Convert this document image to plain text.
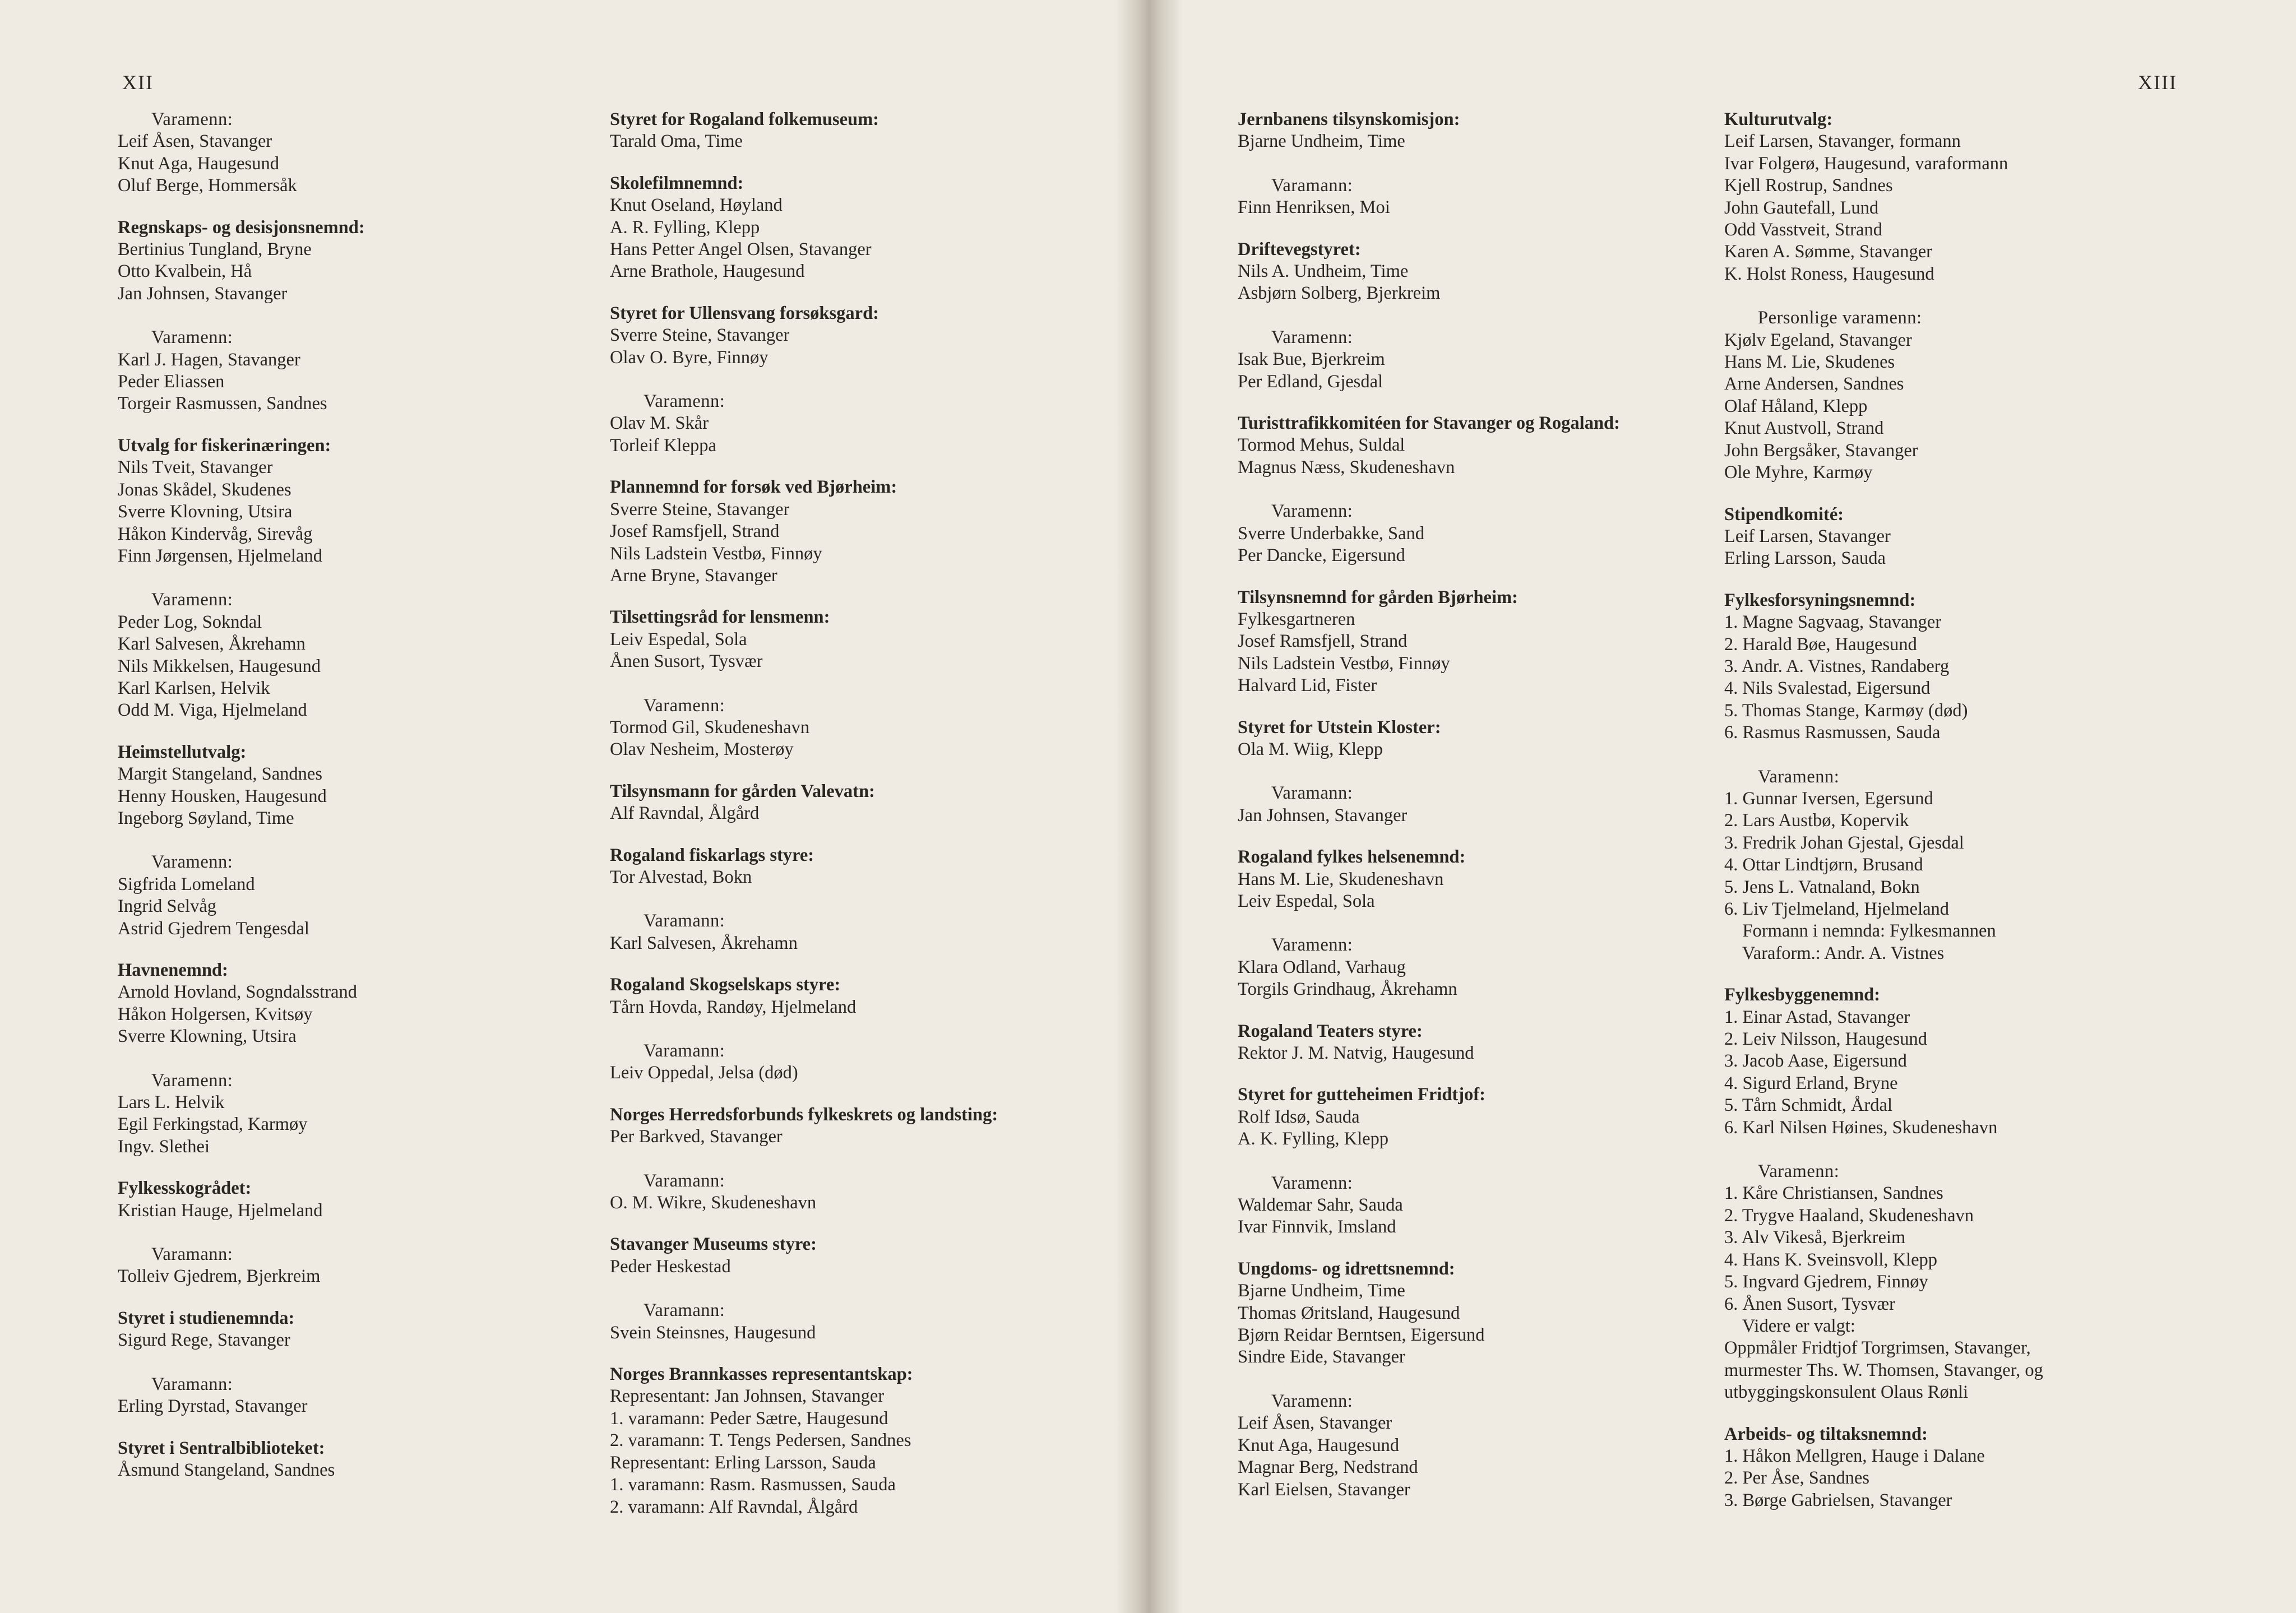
XII	XIII
Varamenn:
Leif Åsen, Stavanger
Knut Aga, Haugesund
Oluf Berge, Hommersåk
Regnskaps- og desisjonsnemnd:
Bertinius Tungland, Bryne
Otto Kvalbein, Hå
Jan Johnsen, Stavanger
Varamenn:
Karl J. Hagen, Stavanger
Peder Eliassen
Torgeir Rasmussen, Sandnes
Utvalg for fiskerinæringen:
Nils Tveit, Stavanger
Jonas Skådel, Skudenes
Sverre Klovning, Utsira
Håkon Kindervåg, Sirevåg
Finn Jørgensen, Hjelmeland
Varamenn:
Peder Log, Sokndal
Karl Salvesen, Åkrehamn
Nils Mikkelsen, Haugesund
Karl Karlsen, Helvik
Odd M. Viga, Hjelmeland
Heimstellutvalg:
Margit Stangeland, Sandnes
Henny Housken, Haugesund
Ingeborg Søyland, Time
Varamenn:
Sigfrida Lomeland
Ingrid Selvåg
Astrid Gjedrem Tengesdal
Havnenemnd:
Arnold Hovland, Sogndalsstrand
Håkon Holgersen, Kvitsøy
Sverre Klowning, Utsira
Varamenn:
Lars L. Helvik
Egil Ferkingstad, Karmøy
Ingv. Slethei
Fylkesskogrådet:
Kristian Hauge, Hjelmeland
Varamann:
Tolleiv Gjedrem, Bjerkreim
Styret i studienemnda:
Sigurd Rege, Stavanger
Varamann:
Erling Dyrstad, Stavanger
Styret i Sentralbiblioteket:
Åsmund Stangeland, Sandnes
Styret for Rogaland folkemuseum:
Tarald Oma, Time
Skolefilmnemnd:
Knut Oseland, Høyland
A. R. Fylling, Klepp
Hans Petter Angel Olsen, Stavanger
Arne Brathole, Haugesund
Styret for Ullensvang forsøksgard:
Sverre Steine, Stavanger
Olav O. Byre, Finnøy
Varamenn:
Olav M. Skår
Torleif Kleppa
Plannemnd for forsøk ved Bjørheim:
Sverre Steine, Stavanger
Josef Ramsfjell, Strand
Nils Ladstein Vestbø, Finnøy
Arne Bryne, Stavanger
Tilsettingsråd for lensmenn:
Leiv Espedal, Sola
Ånen Susort, Tysvær
Varamenn:
Tormod Gil, Skudeneshavn
Olav Nesheim, Mosterøy
Tilsynsmann for gården Valevatn:
Alf Ravndal, Ålgård
Rogaland fiskarlags styre:
Tor Alvestad, Bokn
Varamann:
Karl Salvesen, Åkrehamn
Rogaland Skogselskaps styre:
Tårn Hovda, Randøy, Hjelmeland
Varamann:
Leiv Oppedal, Jelsa (død)
Norges Herredsforbunds fylkeskrets og landsting:
Per Barkved, Stavanger
Varamann:
O. M. Wikre, Skudeneshavn
Stavanger Museums styre:
Peder Heskestad
Varamann:
Svein Steinsnes, Haugesund
Norges Brannkasses representantskap:
Representant: Jan Johnsen, Stavanger
1. varamann: Peder Sætre, Haugesund
2. varamann: T. Tengs Pedersen, Sandnes
Representant: Erling Larsson, Sauda
1. varamann: Rasm. Rasmussen, Sauda
2. varamann: Alf Ravndal, Ålgård
Jernbanens tilsynskomisjon:
Bjarne Undheim, Time
Varamann:
Finn Henriksen, Moi
Driftevegstyret:
Nils A. Undheim, Time
Asbjørn Solberg, Bjerkreim
Varamenn:
Isak Bue, Bjerkreim
Per Edland, Gjesdal
Turisttrafikkomitéen for Stavanger og Rogaland:
Tormod Mehus, Suldal
Magnus Næss, Skudeneshavn
Varamenn:
Sverre Underbakke, Sand
Per Dancke, Eigersund
Tilsynsnemnd for gården Bjørheim:
Fylkesgartneren
Josef Ramsfjell, Strand
Nils Ladstein Vestbø, Finnøy
Halvard Lid, Fister
Styret for Utstein Kloster:
Ola M. Wiig, Klepp
Varamann:
Jan Johnsen, Stavanger
Rogaland fylkes helsenemnd:
Hans M. Lie, Skudeneshavn
Leiv Espedal, Sola
Varamenn:
Klara Odland, Varhaug
Torgils Grindhaug, Åkrehamn
Rogaland Teaters styre:
Rektor J. M. Natvig, Haugesund
Styret for gutteheimen Fridtjof:
Rolf Idsø, Sauda
A. K. Fylling, Klepp
Varamenn:
Waldemar Sahr, Sauda
Ivar Finnvik, Imsland
Ungdoms- og idrettsnemnd:
Bjarne Undheim, Time
Thomas Øritsland, Haugesund
Bjørn Reidar Berntsen, Eigersund
Sindre Eide, Stavanger
Varamenn:
Leif Åsen, Stavanger
Knut Aga, Haugesund
Magnar Berg, Nedstrand
Karl Eielsen, Stavanger
Kulturutvalg:
Leif Larsen, Stavanger, formann
Ivar Folgerø, Haugesund, varaformann
Kjell Rostrup, Sandnes
John Gautefall, Lund
Odd Vasstveit, Strand
Karen A. Sømme, Stavanger
K. Holst Roness, Haugesund
Personlige varamenn:
Kjølv Egeland, Stavanger
Hans M. Lie, Skudenes
Arne Andersen, Sandnes
Olaf Håland, Klepp
Knut Austvoll, Strand
John Bergsåker, Stavanger
Ole Myhre, Karmøy
Stipendkomité:
Leif Larsen, Stavanger
Erling Larsson, Sauda
Fylkesforsyningsnemnd:
1. Magne Sagvaag, Stavanger
2. Harald Bøe, Haugesund
3. Andr. A. Vistnes, Randaberg
4. Nils Svalestad, Eigersund
5. Thomas Stange, Karmøy (død)
6. Rasmus Rasmussen, Sauda
Varamenn:
1. Gunnar Iversen, Egersund
2. Lars Austbø, Kopervik
3. Fredrik Johan Gjestal, Gjesdal
4. Ottar Lindtjørn, Brusand
5. Jens L. Vatnaland, Bokn
6. Liv Tjelmeland, Hjelmeland
Formann i nemnda: Fylkesmannen
Varaform.: Andr. A. Vistnes
Fylkesbyggenemnd:
1. Einar Astad, Stavanger
2. Leiv Nilsson, Haugesund
3. Jacob Aase, Eigersund
4. Sigurd Erland, Bryne
5. Tårn Schmidt, Årdal
6. Karl Nilsen Høines, Skudeneshavn
Varamenn:
1. Kåre Christiansen, Sandnes
2. Trygve Haaland, Skudeneshavn
3. Alv Vikeså, Bjerkreim
4. Hans K. Sveinsvoll, Klepp
5. Ingvard Gjedrem, Finnøy
6. Ånen Susort, Tysvær
Videre er valgt:
Oppmåler Fridtjof Torgrimsen, Stavanger,
murmester Ths. W. Thomsen, Stavanger, og
utbyggingskonsulent Olaus Rønli
Arbeids- og tiltaksnemnd:
1. Håkon Mellgren, Hauge i Dalane
2. Per Åse, Sandnes
3. Børge Gabrielsen, Stavanger
